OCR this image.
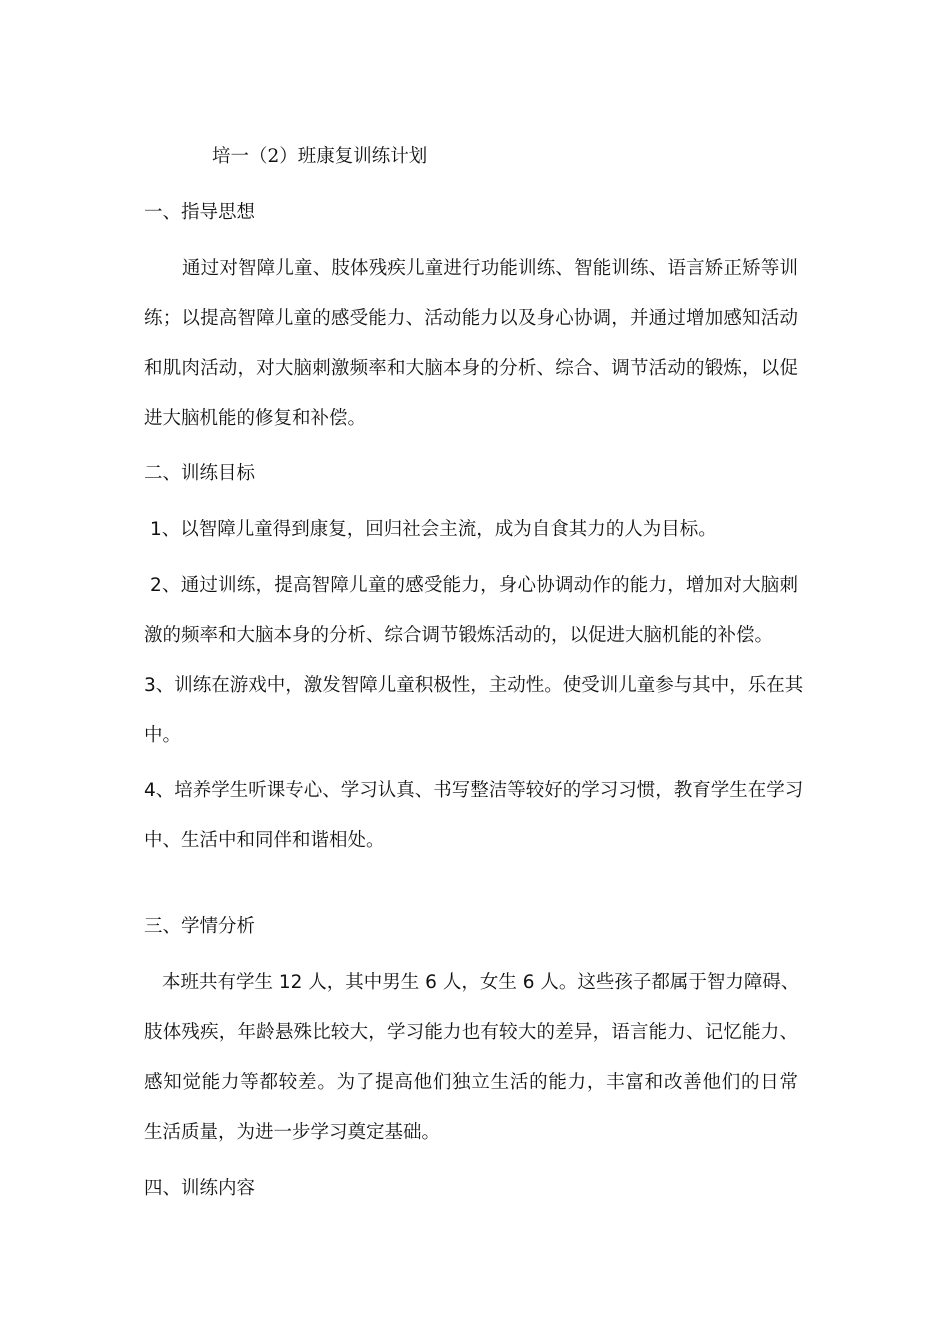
培一（2）班康复训练计划

一、指导思想

通过对智障儿童、肢体残疾儿童进行功能训练、智能训练、语言矫正矫等训

练；以提高智障儿童的感受能力、活动能力以及身心协调，并通过增加感知活动

和肌肉活动，对大脑刺激频率和大脑本身的分析、综合、调节活动的锻炼，以促

进大脑机能的修复和补偿。

二、训练目标

1、以智障儿童得到康复，回归社会主流，成为自食其力的人为目标。

2、通过训练，提高智障儿童的感受能力，身心协调动作的能力，增加对大脑刺

激的频率和大脑本身的分析、综合调节锻炼活动的，以促进大脑机能的补偿。

3、训练在游戏中，激发智障儿童积极性，主动性。使受训儿童参与其中，乐在其

中。

4、培养学生听课专心、学习认真、书写整洁等较好的学习习惯，教育学生在学习

中、生活中和同伴和谐相处。

三、学情分析

本班共有学生 12 人，其中男生 6 人，女生 6 人。这些孩子都属于智力障碍、

肢体残疾，年龄悬殊比较大，学习能力也有较大的差异，语言能力、记忆能力、

感知觉能力等都较差。为了提高他们独立生活的能力，丰富和改善他们的日常

生活质量，为进一步学习奠定基础。

四、训练内容
